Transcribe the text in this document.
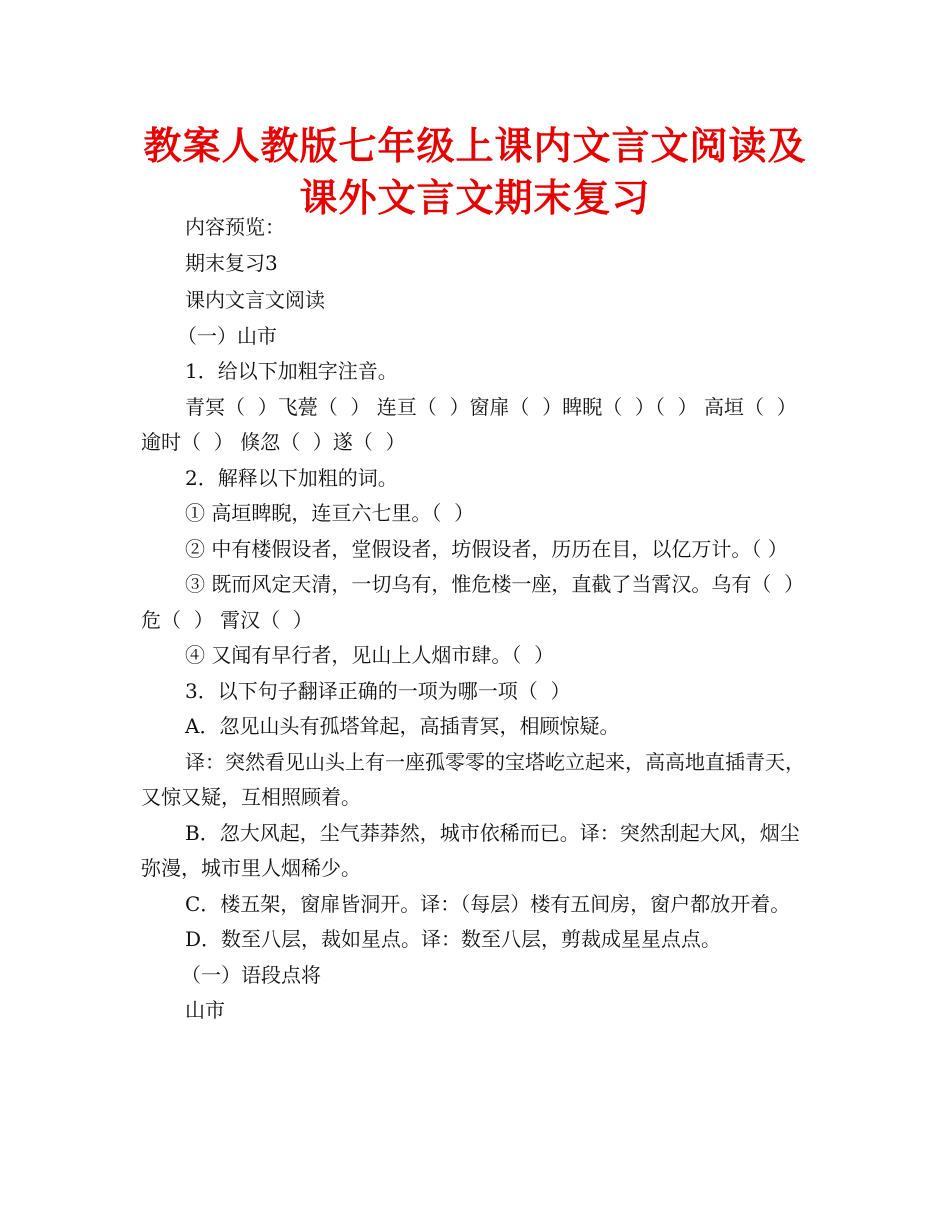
教案人教版七年级上课内文言文阅读及课外文言文期末复习

内容预览：

期末复习3

课内文言文阅读

（一）山市

1．给以下加粗字注音。

青冥（  ）飞甍（  ） 连亘（  ）窗扉（  ）睥睨（  ）（  ） 高垣（  ）逾时（  ） 倏忽（  ）遂（  ）

2．解释以下加粗的词。

① 高垣睥睨，连亘六七里。（  ）

② 中有楼假设者，堂假设者，坊假设者，历历在目，以亿万计。（ ）

③ 既而风定天清，一切乌有，惟危楼一座，直截了当霄汉。乌有（  ）危（  ） 霄汉（  ）

④ 又闻有早行者，见山上人烟市肆。（  ）

3．以下句子翻译正确的一项为哪一项（  ）

A．忽见山头有孤塔耸起，高插青冥，相顾惊疑。

译：突然看见山头上有一座孤零零的宝塔屹立起来，高高地直插青天，又惊又疑，互相照顾着。

B．忽大风起，尘气莽莽然，城市依稀而已。译：突然刮起大风，烟尘弥漫，城市里人烟稀少。

C．楼五架，窗扉皆洞开。译：（每层）楼有五间房，窗户都放开着。

D．数至八层，裁如星点。译：数至八层，剪裁成星星点点。

（一）语段点将

山市
